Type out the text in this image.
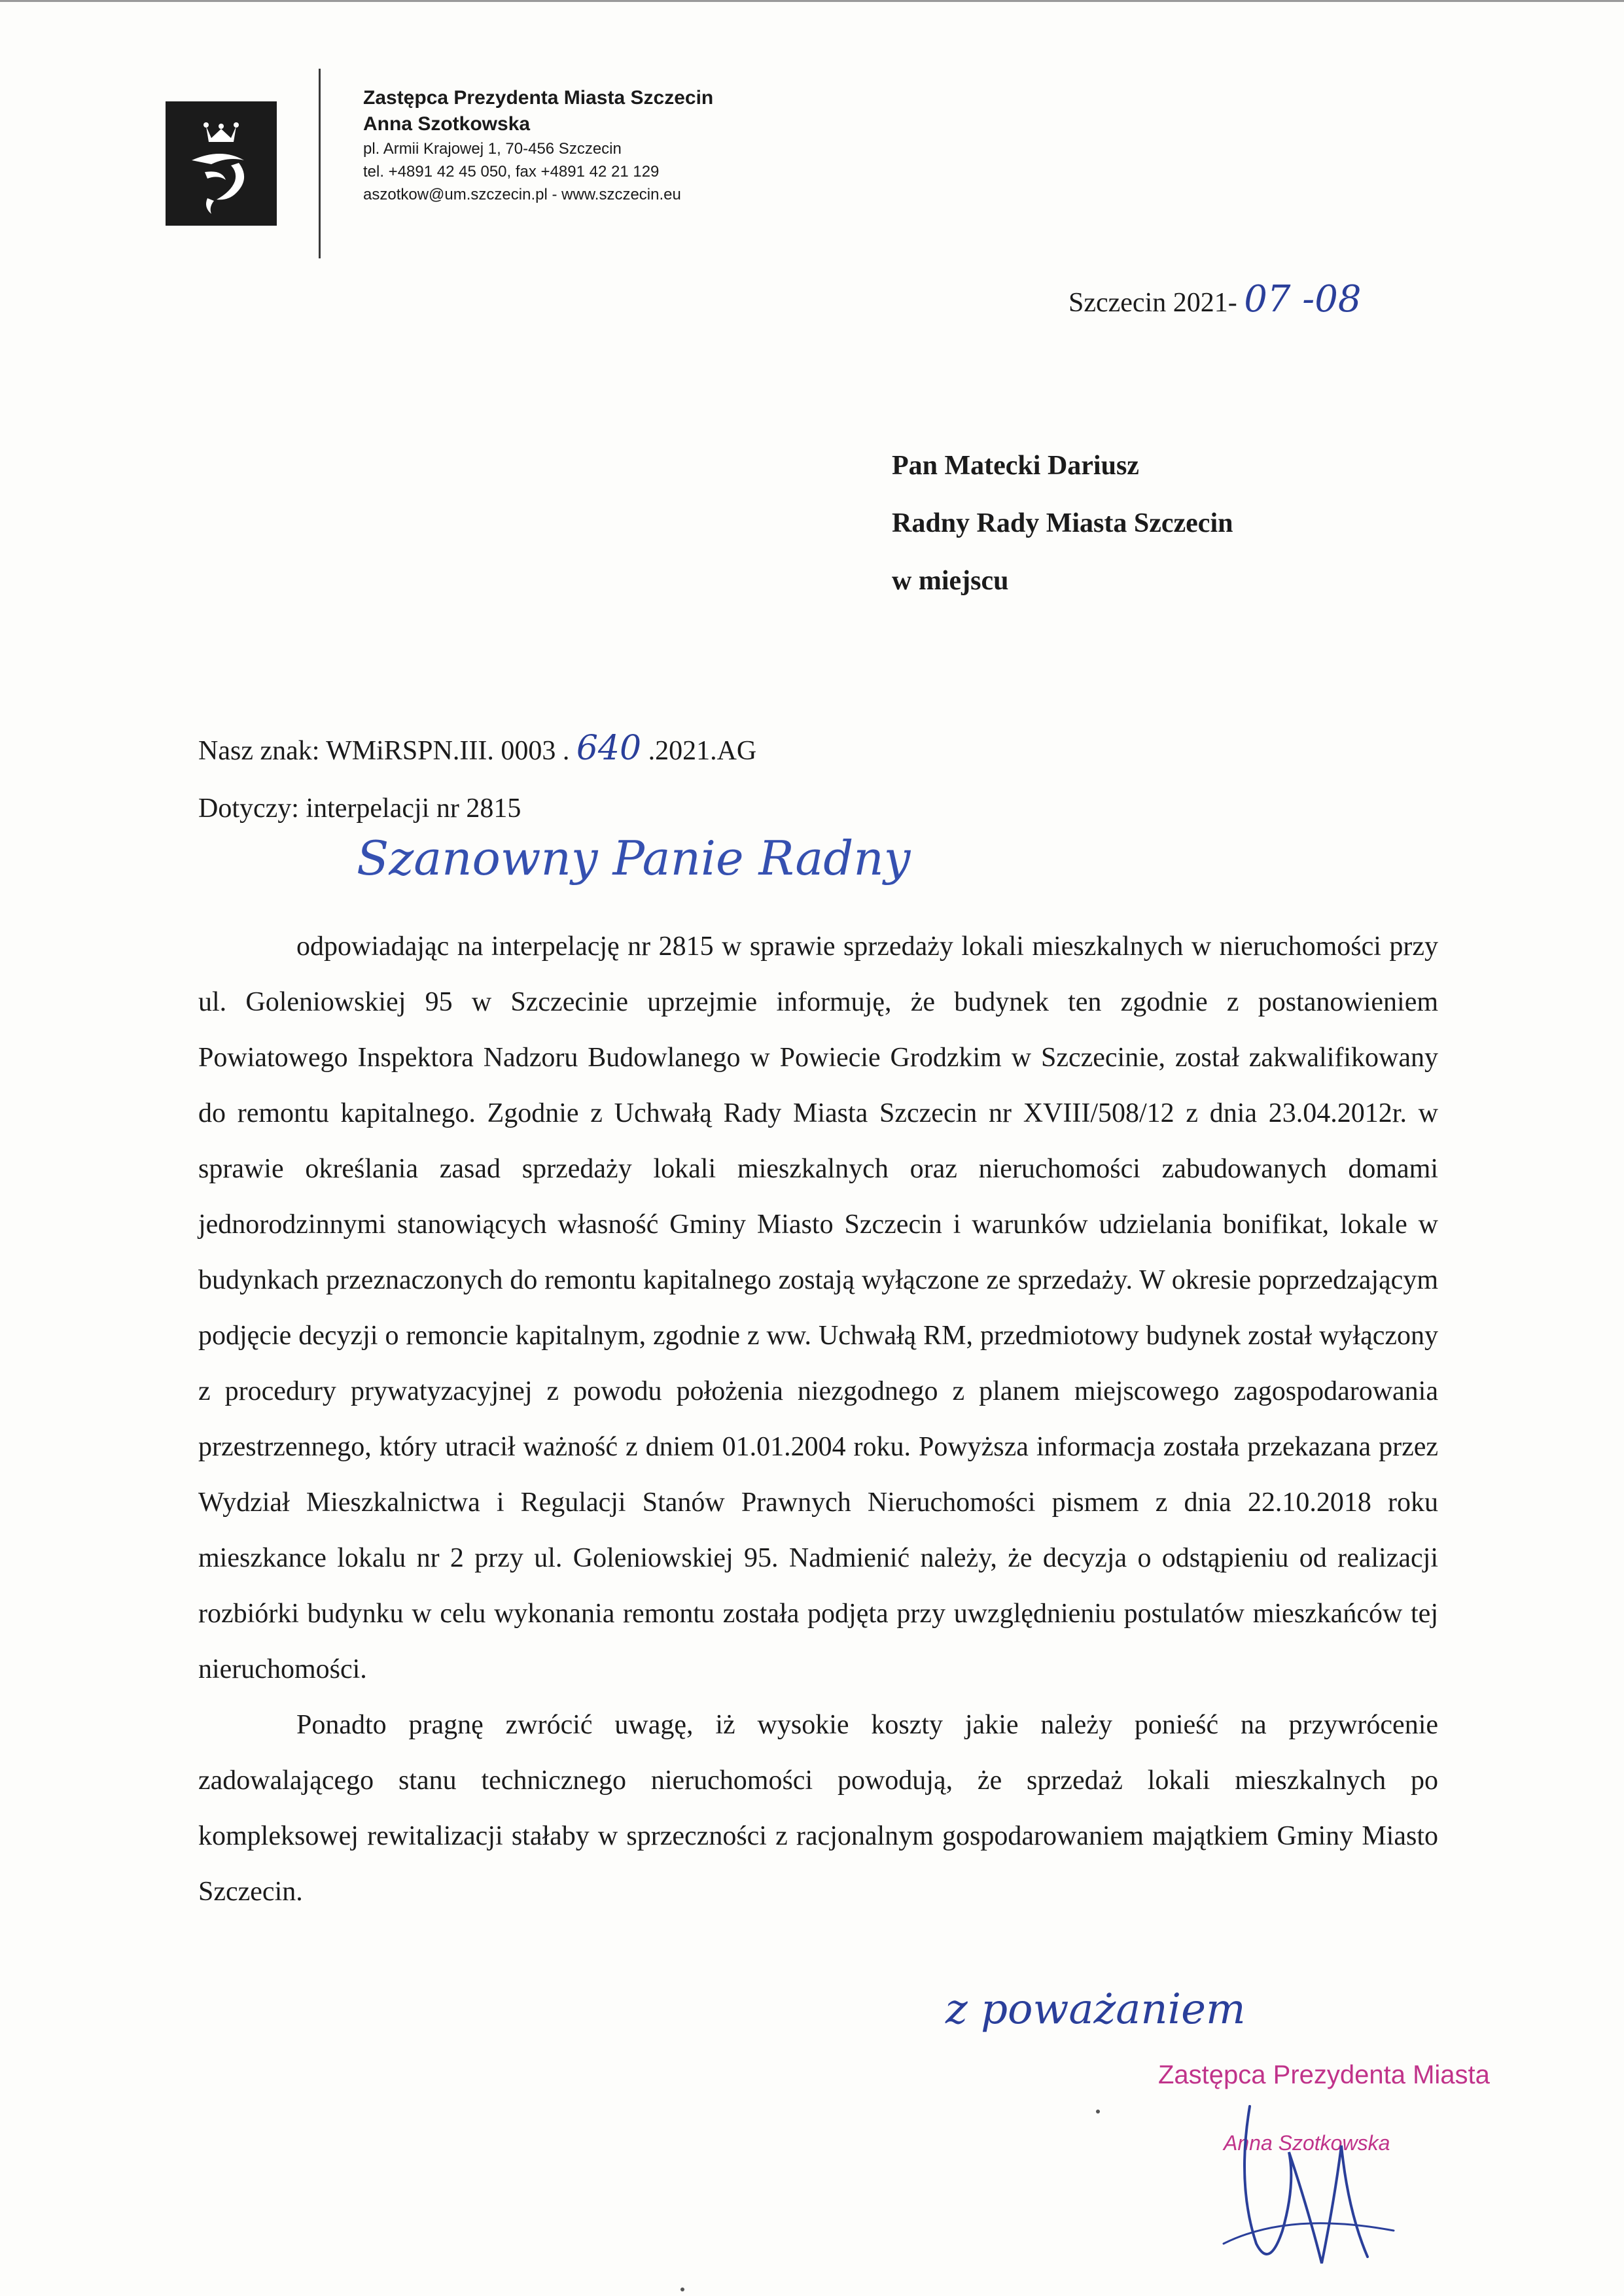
Zastępca Prezydenta Miasta Szczecin
Anna Szotkowska
pl. Armii Krajowej 1, 70-456 Szczecin
tel. +4891 42 45 050, fax +4891 42 21 129
aszotkow@um.szczecin.pl - www.szczecin.eu
Szczecin 2021- 07 -08
Pan Matecki Dariusz
Radny Rady Miasta Szczecin
w miejscu
Nasz znak: WMiRSPN.III. 0003 . 640 .2021.AG
Dotyczy: interpelacji nr 2815
Szanowny Panie Radny

odpowiadając na interpelację nr 2815 w sprawie sprzedaży lokali mieszkalnych w nieruchomości przy ul. Goleniowskiej 95 w Szczecinie uprzejmie informuję, że budynek ten zgodnie z postanowieniem Powiatowego Inspektora Nadzoru Budowlanego w Powiecie Grodzkim w Szczecinie, został zakwalifikowany do remontu kapitalnego. Zgodnie z Uchwałą Rady Miasta Szczecin nr XVIII/508/12 z dnia 23.04.2012r. w sprawie określania zasad sprzedaży lokali mieszkalnych oraz nieruchomości zabudowanych domami jednorodzinnymi stanowiących własność Gminy Miasto Szczecin i warunków udzielania bonifikat, lokale w budynkach przeznaczonych do remontu kapitalnego zostają wyłączone ze sprzedaży. W okresie poprzedzającym podjęcie decyzji o remoncie kapitalnym, zgodnie z ww. Uchwałą RM, przedmiotowy budynek został wyłączony z procedury prywatyzacyjnej z powodu położenia niezgodnego z planem miejscowego zagospodarowania przestrzennego, który utracił ważność z dniem 01.01.2004 roku. Powyższa informacja została przekazana przez Wydział Mieszkalnictwa i Regulacji Stanów Prawnych Nieruchomości pismem z dnia 22.10.2018 roku mieszkance lokalu nr 2 przy ul. Goleniowskiej 95. Nadmienić należy, że decyzja o odstąpieniu od realizacji rozbiórki budynku w celu wykonania remontu została podjęta przy uwzględnieniu postulatów mieszkańców tej nieruchomości.

Ponadto pragnę zwrócić uwagę, iż wysokie koszty jakie należy ponieść na przywrócenie zadowalającego stanu technicznego nieruchomości powodują, że sprzedaż lokali mieszkalnych po kompleksowej rewitalizacji stałaby w sprzeczności z racjonalnym gospodarowaniem majątkiem Gminy Miasto Szczecin.

z poważaniem
Zastępca Prezydenta Miasta
Anna Szotkowska
